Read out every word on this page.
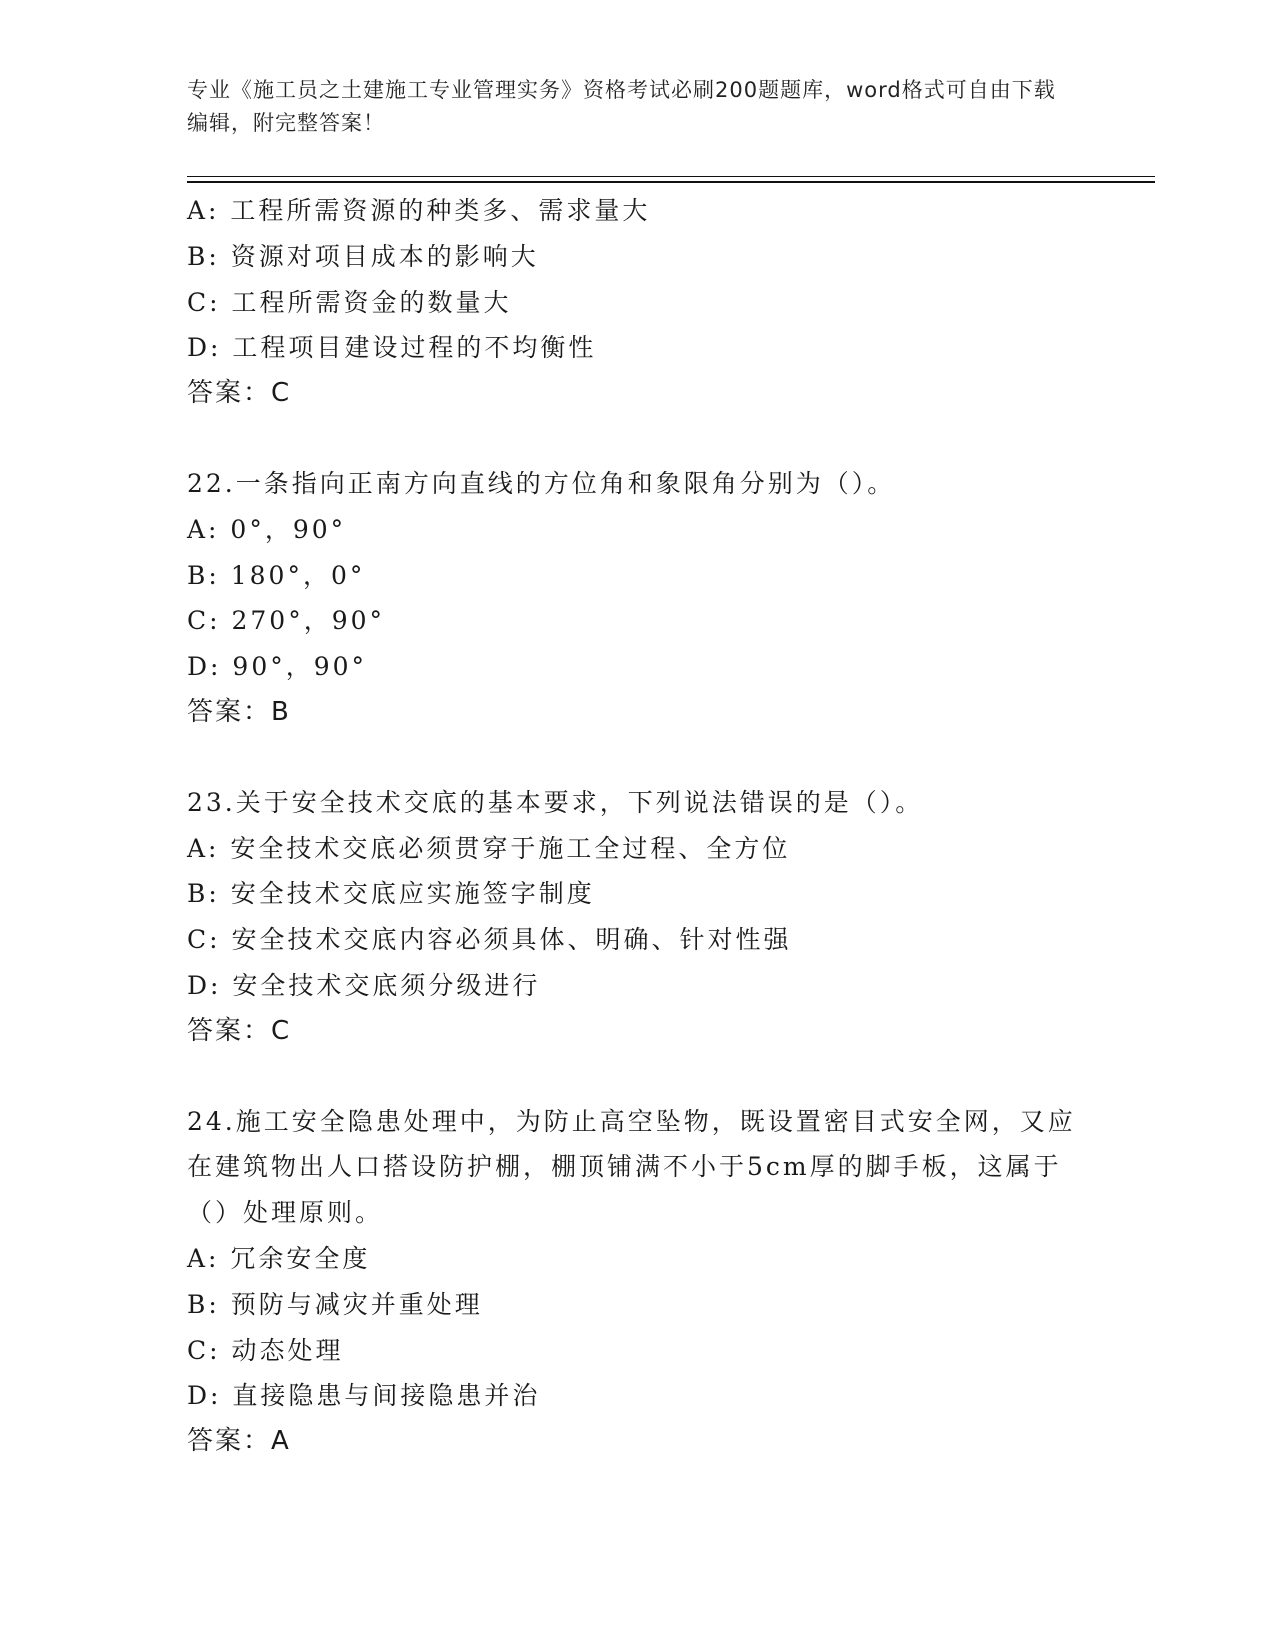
专业《施工员之土建施工专业管理实务》资格考试必刷200题题库，word格式可自由下载编辑，附完整答案！
A: 工程所需资源的种类多、需求量大
B: 资源对项目成本的影响大
C: 工程所需资金的数量大
D: 工程项目建设过程的不均衡性
答案：C
22.一条指向正南方向直线的方位角和象限角分别为（）。
A: 0°，90°
B: 180°，0°
C: 270°，90°
D: 90°，90°
答案：B
23.关于安全技术交底的基本要求，下列说法错误的是（）。
A: 安全技术交底必须贯穿于施工全过程、全方位
B: 安全技术交底应实施签字制度
C: 安全技术交底内容必须具体、明确、针对性强
D: 安全技术交底须分级进行
答案：C
24.施工安全隐患处理中，为防止高空坠物，既设置密目式安全网，又应在建筑物出人口搭设防护棚，棚顶铺满不小于5cm厚的脚手板，这属于（）处理原则。
A: 冗余安全度
B: 预防与减灾并重处理
C: 动态处理
D: 直接隐患与间接隐患并治
答案：A
